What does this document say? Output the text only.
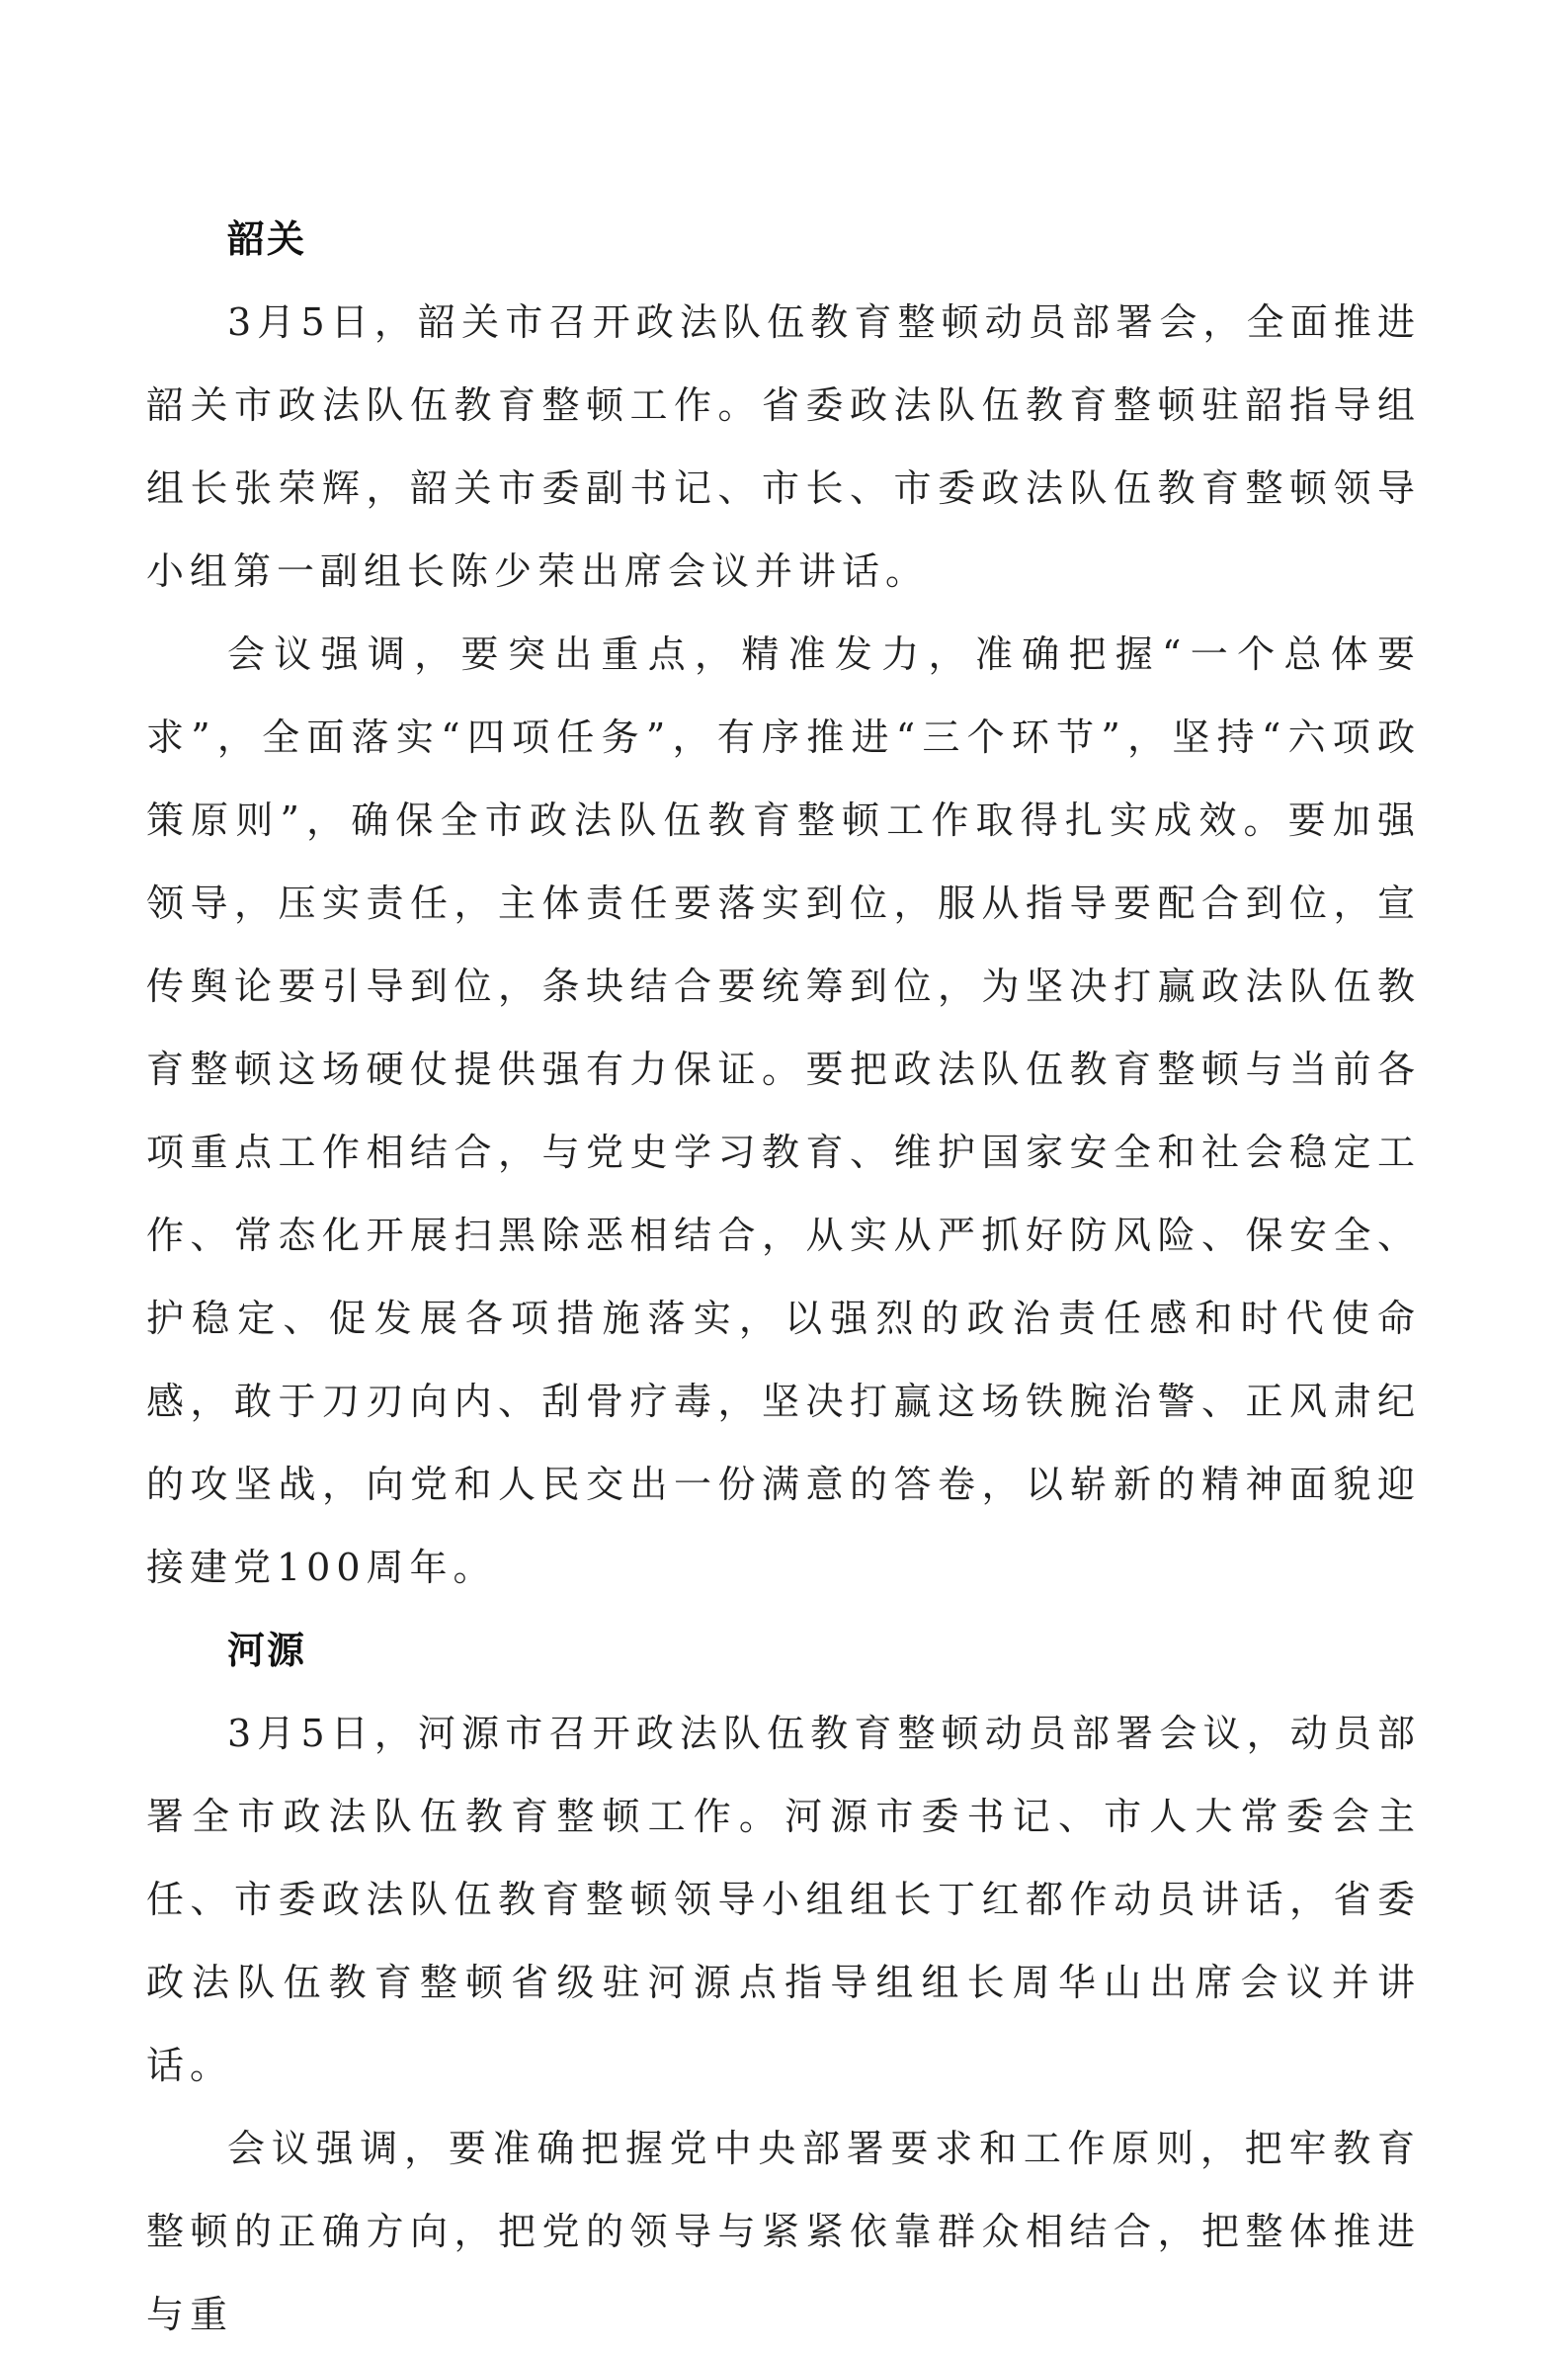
韶关

3月5日，韶关市召开政法队伍教育整顿动员部署会，全面推进韶关市政法队伍教育整顿工作。省委政法队伍教育整顿驻韶指导组组长张荣辉，韶关市委副书记、市长、市委政法队伍教育整顿领导小组第一副组长陈少荣出席会议并讲话。

会议强调，要突出重点，精准发力，准确把握“一个总体要求”，全面落实“四项任务”，有序推进“三个环节”，坚持“六项政策原则”，确保全市政法队伍教育整顿工作取得扎实成效。要加强领导，压实责任，主体责任要落实到位，服从指导要配合到位，宣传舆论要引导到位，条块结合要统筹到位，为坚决打赢政法队伍教育整顿这场硬仗提供强有力保证。要把政法队伍教育整顿与当前各项重点工作相结合，与党史学习教育、维护国家安全和社会稳定工作、常态化开展扫黑除恶相结合，从实从严抓好防风险、保安全、护稳定、促发展各项措施落实，以强烈的政治责任感和时代使命感，敢于刀刃向内、刮骨疗毒，坚决打赢这场铁腕治警、正风肃纪的攻坚战，向党和人民交出一份满意的答卷，以崭新的精神面貌迎接建党100周年。

河源

3月5日，河源市召开政法队伍教育整顿动员部署会议，动员部署全市政法队伍教育整顿工作。河源市委书记、市人大常委会主任、市委政法队伍教育整顿领导小组组长丁红都作动员讲话，省委政法队伍教育整顿省级驻河源点指导组组长周华山出席会议并讲话。

会议强调，要准确把握党中央部署要求和工作原则，把牢教育整顿的正确方向，把党的领导与紧紧依靠群众相结合，把整体推进与重
